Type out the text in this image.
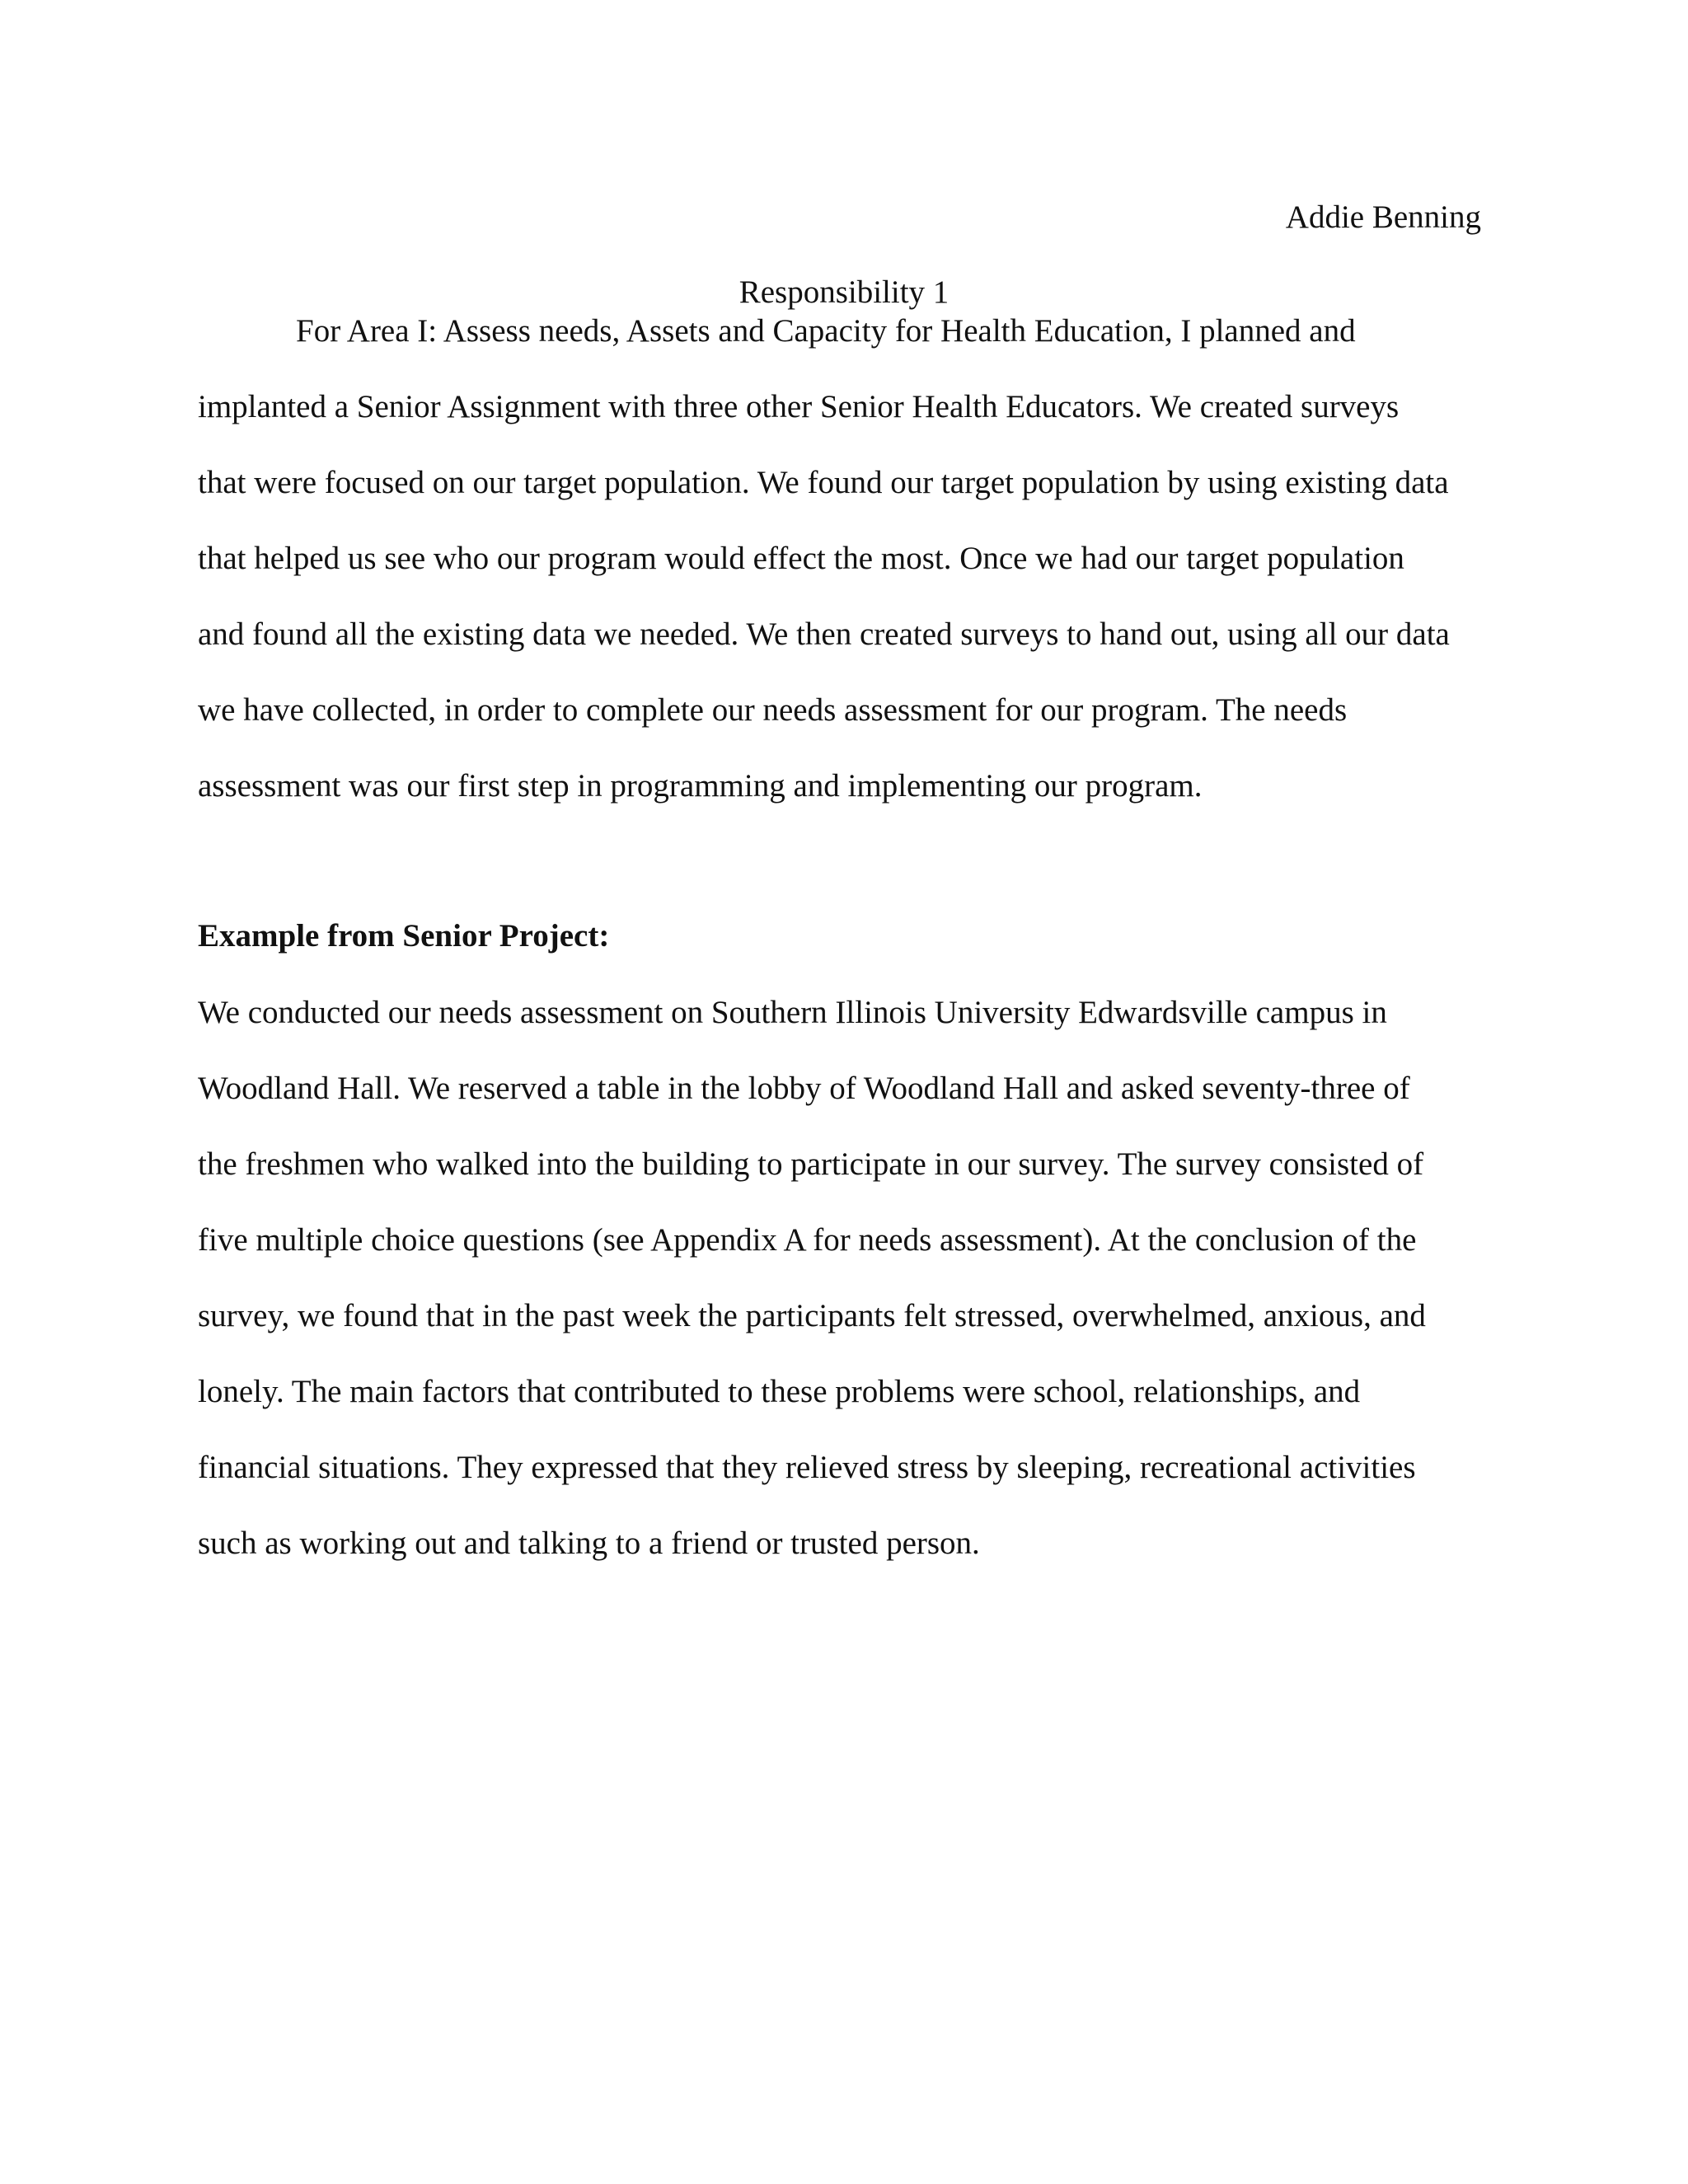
Addie Benning
Responsibility 1
For Area I: Assess needs, Assets and Capacity for Health Education, I planned and
implanted a Senior Assignment with three other Senior Health Educators. We created surveys
that were focused on our target population. We found our target population by using existing data
that helped us see who our program would effect the most. Once we had our target population
and found all the existing data we needed. We then created surveys to hand out, using all our data
we have collected, in order to complete our needs assessment for our program. The needs
assessment was our first step in programming and implementing our program.
Example from Senior Project:
We conducted our needs assessment on Southern Illinois University Edwardsville campus in
Woodland Hall. We reserved a table in the lobby of Woodland Hall and asked seventy-three of
the freshmen who walked into the building to participate in our survey. The survey consisted of
five multiple choice questions (see Appendix A for needs assessment). At the conclusion of the
survey, we found that in the past week the participants felt stressed, overwhelmed, anxious, and
lonely. The main factors that contributed to these problems were school, relationships, and
financial situations. They expressed that they relieved stress by sleeping, recreational activities
such as working out and talking to a friend or trusted person.
